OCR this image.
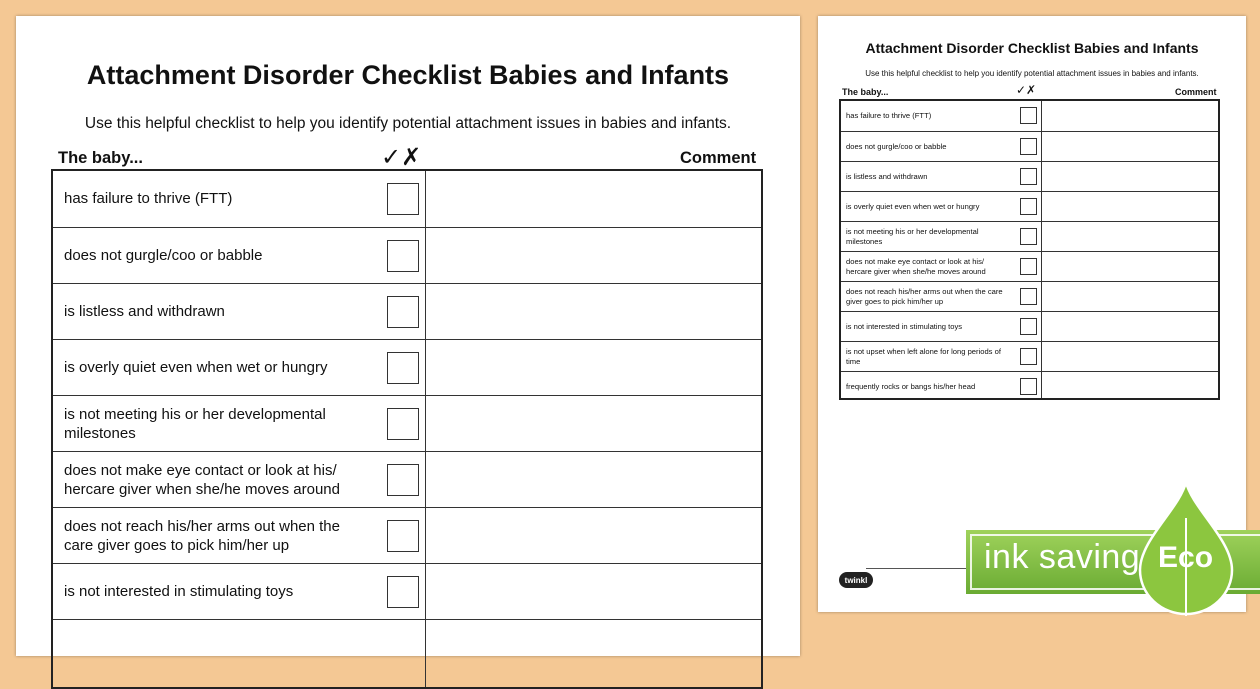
Attachment Disorder Checklist Babies and Infants
Use this helpful checklist to help you identify potential attachment issues in babies and infants.
The baby...	✓✗	Comment
has failure to thrive (FTT)
does not gurgle/coo or babble
is listless and withdrawn
is overly quiet even when wet or hungry
is not meeting his or her developmental milestones
does not make eye contact or look at his/ hercare giver when she/he moves around
does not reach his/her arms out when the care giver goes to pick him/her up
is not interested in stimulating toys
Attachment Disorder Checklist Babies and Infants
Use this helpful checklist to help you identify potential attachment issues in babies and infants.
The baby...	✓✗	Comment
has failure to thrive (FTT)
does not gurgle/coo or babble
is listless and withdrawn
is overly quiet even when wet or hungry
is not meeting his or her developmental milestones
does not make eye contact or look at his/ hercare giver when she/he moves around
does not reach his/her arms out when the care giver goes to pick him/her up
is not interested in stimulating toys
is not upset when left alone for long periods of time
frequently rocks or bangs his/her head
twinkl
ink saving Eco
